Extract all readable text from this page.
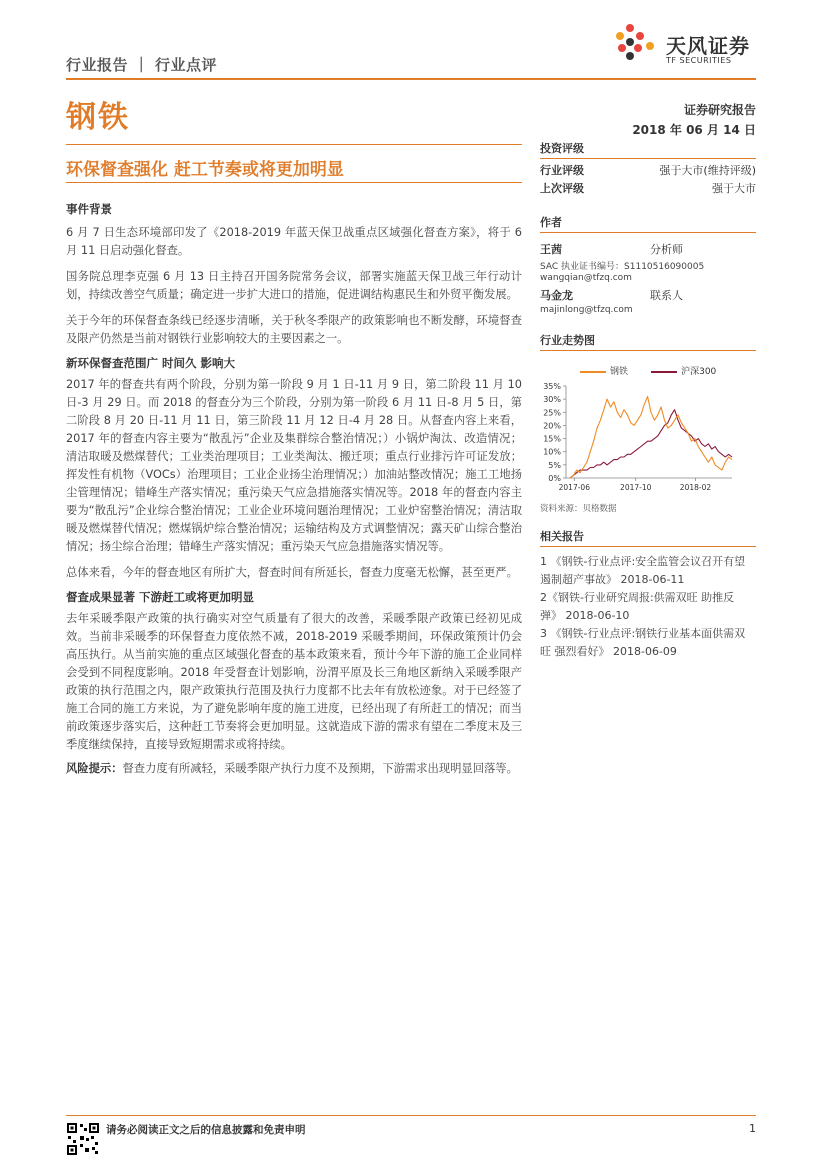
行业报告 ｜ 行业点评
钢铁
天风证券
TF SECURITIES
证券研究报告
2018 年 06 月 14 日
环保督查强化 赶工节奏或将更加明显
事件背景

6 月 7 日生态环境部印发了《2018-2019 年蓝天保卫战重点区域强化督查方案》，将于 6 月 11 日启动强化督查。

国务院总理李克强 6 月 13 日主持召开国务院常务会议，部署实施蓝天保卫战三年行动计划，持续改善空气质量；确定进一步扩大进口的措施，促进调结构惠民生和外贸平衡发展。

关于今年的环保督查条线已经逐步清晰，关于秋冬季限产的政策影响也不断发酵，环境督查及限产仍然是当前对钢铁行业影响较大的主要因素之一。

新环保督查范围广 时间久 影响大

2017 年的督查共有两个阶段，分别为第一阶段 9 月 1 日-11 月 9 日，第二阶段 11 月 10 日-3 月 29 日。而 2018 的督查分为三个阶段，分别为第一阶段 6 月 11 日-8 月 5 日，第二阶段 8 月 20 日-11 月 11 日，第三阶段 11 月 12 日-4 月 28 日。从督查内容上来看，2017 年的督查内容主要为“散乱污”企业及集群综合整治情况；）小锅炉淘汰、改造情况；清洁取暖及燃煤替代；工业类治理项目；工业类淘汰、搬迁项；重点行业排污许可证发放；挥发性有机物（VOCs）治理项目；工业企业扬尘治理情况；）加油站整改情况；施工工地扬尘管理情况；错峰生产落实情况；重污染天气应急措施落实情况等。2018 年的督查内容主要为“散乱污”企业综合整治情况；工业企业环境问题治理情况；工业炉窑整治情况；清洁取暖及燃煤替代情况；燃煤锅炉综合整治情况；运输结构及方式调整情况；露天矿山综合整治情况；扬尘综合治理；错峰生产落实情况；重污染天气应急措施落实情况等。

总体来看，今年的督查地区有所扩大，督查时间有所延长，督查力度毫无松懈，甚至更严。

督查成果显著 下游赶工或将更加明显

去年采暖季限产政策的执行确实对空气质量有了很大的改善，采暖季限产政策已经初见成效。当前非采暖季的环保督查力度依然不减，2018-2019 采暖季期间，环保政策预计仍会高压执行。从当前实施的重点区域强化督查的基本政策来看，预计今年下游的施工企业同样会受到不同程度影响。2018 年受督查计划影响，汾渭平原及长三角地区新纳入采暖季限产政策的执行范围之内，限产政策执行范围及执行力度都不比去年有放松迹象。对于已经签了施工合同的施工方来说，为了避免影响年度的施工进度，已经出现了有所赶工的情况；而当前政策逐步落实后，这种赶工节奏将会更加明显。这就造成下游的需求有望在二季度末及三季度继续保持，直接导致短期需求或将持续。

风险提示：督查力度有所减轻，采暖季限产执行力度不及预期，下游需求出现明显回落等。

投资评级
行业评级	强于大市(维持评级)
上次评级	强于大市
作者
王茜	分析师
SAC 执业证书编号：S1110516090005
wangqian@tfzq.com
马金龙	联系人
majinlong@tfzq.com
行业走势图
钢铁	沪深300
35%
30%
25%
20%
15%
10%
5%
0%
2017-06	2017-10	2018-02
资料来源：贝格数据
相关报告
1 《钢铁-行业点评:安全监管会议召开有望遏制超产事故》 2018-06-11
2《钢铁-行业研究周报:供需双旺 助推反弹》 2018-06-10
3 《钢铁-行业点评:钢铁行业基本面供需双旺 强烈看好》 2018-06-09
请务必阅读正文之后的信息披露和免责申明	1
